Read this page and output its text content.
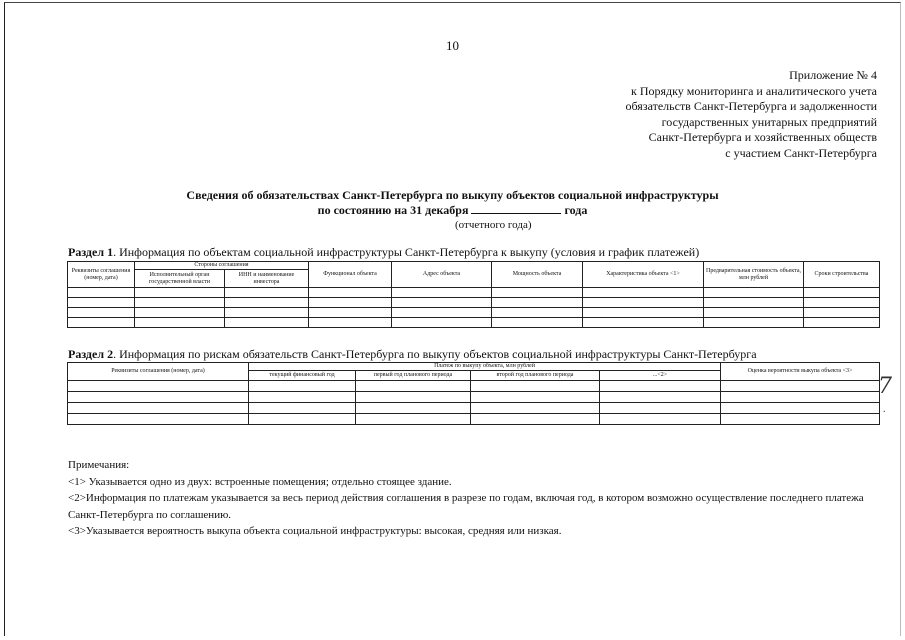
10
Приложение № 4
к Порядку мониторинга и аналитического учета
обязательств Санкт-Петербурга и задолженности
государственных унитарных предприятий
Санкт-Петербурга и хозяйственных обществ
с участием Санкт-Петербурга
Сведения об обязательствах Санкт-Петербурга по выкупу объектов социальной инфраструктуры
по состоянию на 31 декабря	года
(отчетного года)
Раздел 1. Информация по объектам социальной инфраструктуры Санкт-Петербурга к выкупу (условия и график платежей)
Реквизиты соглашения (номер, дата)	Стороны соглашения		Функционал объекта	Адрес объекта	Мощность объекта	Характеристика объекта <1>	Предварительная стоимость объекта, млн рублей	Сроки строительства
	Исполнительный орган государственной власти	ИНН и наименование инвестора						

Раздел 2. Информация по рискам обязательств Санкт-Петербурга по выкупу объектов социальной инфраструктуры Санкт-Петербурга
Реквизиты соглашения (номер, дата)	Платеж по выкупу объекта, млн рублей				Оценка вероятности выкупа объекта <3>
	текущий финансовый год	первый год планового периода	второй год планового периода	...<2>	

						7
.

Примечания:

<1> Указывается одно из двух: встроенные помещения; отдельно стоящее здание.

<2>Информация по платежам указывается за весь период действия соглашения в разрезе по годам, включая год, в котором возможно осуществление последнего платежа Санкт-Петербурга по соглашению.

<3>Указывается вероятность выкупа объекта социальной инфраструктуры: высокая, средняя или низкая.
